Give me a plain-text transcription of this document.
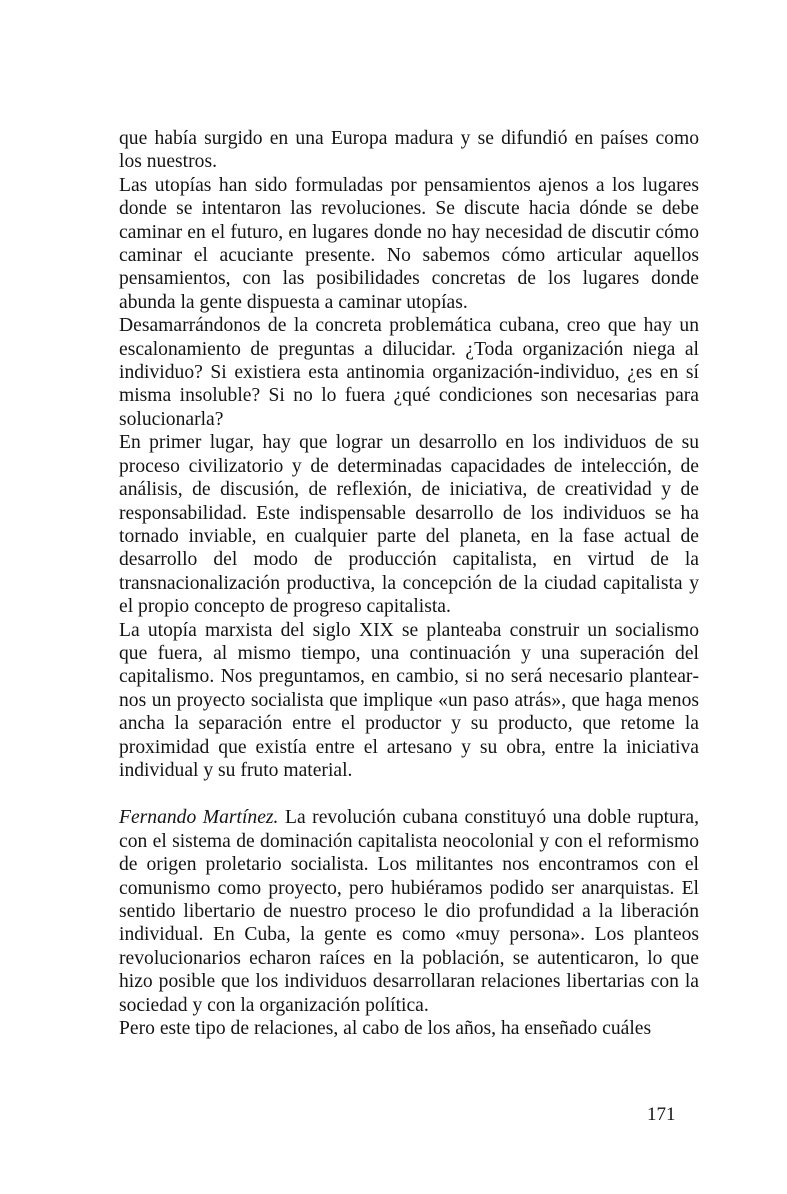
que había surgido en una Europa madura y se difundió en países como los nuestros.

Las utopías han sido formuladas por pensamientos ajenos a los lugares donde se intentaron las revoluciones. Se discute hacia dónde se debe caminar en el futuro, en lugares donde no hay necesidad de discutir cómo caminar el acuciante presente. No sabemos cómo articular aquellos pensamientos, con las posibilidades concretas de los lugares donde abunda la gente dispuesta a caminar utopías.

Desamarrándonos de la concreta problemática cubana, creo que hay un escalonamiento de preguntas a dilucidar. ¿Toda organización niega al individuo? Si existiera esta antinomia organización-individuo, ¿es en sí misma insoluble? Si no lo fuera ¿qué condiciones son necesarias para solucionarla?

En primer lugar, hay que lograr un desarrollo en los individuos de su proceso civilizatorio y de determinadas capacidades de intelección, de análisis, de discusión, de reflexión, de iniciativa, de creatividad y de responsabilidad. Este indispensable desarrollo de los individuos se ha tornado inviable, en cualquier parte del planeta, en la fase actual de desarrollo del modo de producción capitalista, en virtud de la transnacionalización productiva, la concepción de la ciudad capitalista y el propio concepto de progreso capitalista.

La utopía marxista del siglo XIX se planteaba construir un socialismo que fuera, al mismo tiempo, una continuación y una superación del capitalismo. Nos preguntamos, en cambio, si no será necesario plantearnos un proyecto socialista que implique «un paso atrás», que haga menos ancha la separación entre el productor y su producto, que retome la proximidad que existía entre el artesano y su obra, entre la iniciativa individual y su fruto material.

Fernando Martínez. La revolución cubana constituyó una doble ruptura, con el sistema de dominación capitalista neocolonial y con el reformismo de origen proletario socialista. Los militantes nos encontramos con el comunismo como proyecto, pero hubiéramos podido ser anarquistas. El sentido libertario de nuestro proceso le dio profundidad a la liberación individual. En Cuba, la gente es como «muy persona». Los planteos revolucionarios echaron raíces en la población, se autenticaron, lo que hizo posible que los individuos desarrollaran relaciones libertarias con la sociedad y con la organización política.

Pero este tipo de relaciones, al cabo de los años, ha enseñado cuáles

171
